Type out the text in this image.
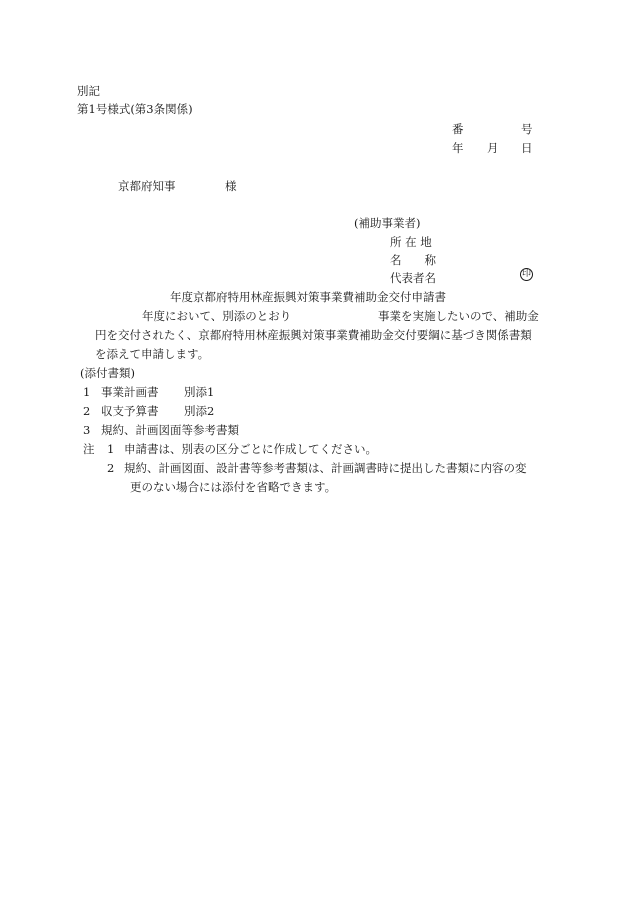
別記
第1号様式(第3条関係)
番	号
年 月 日
京都府知事	様
(補助事業者)
所 在 地
名　　称
代表者名	印
年度京都府特用林産振興対策事業費補助金交付申請書
年度において、別添のとおり	事業を実施したいので、補助金
円を交付されたく、京都府特用林産振興対策事業費補助金交付要綱に基づき関係書類
を添えて申請します。
(添付書類)
1 事業計画書 別添1
2 収支予算書 別添2
3 規約、計画図面等参考書類
注 1 申請書は、別表の区分ごとに作成してください。
2 規約、計画図面、設計書等参考書類は、計画調書時に提出した書類に内容の変
更のない場合には添付を省略できます。
